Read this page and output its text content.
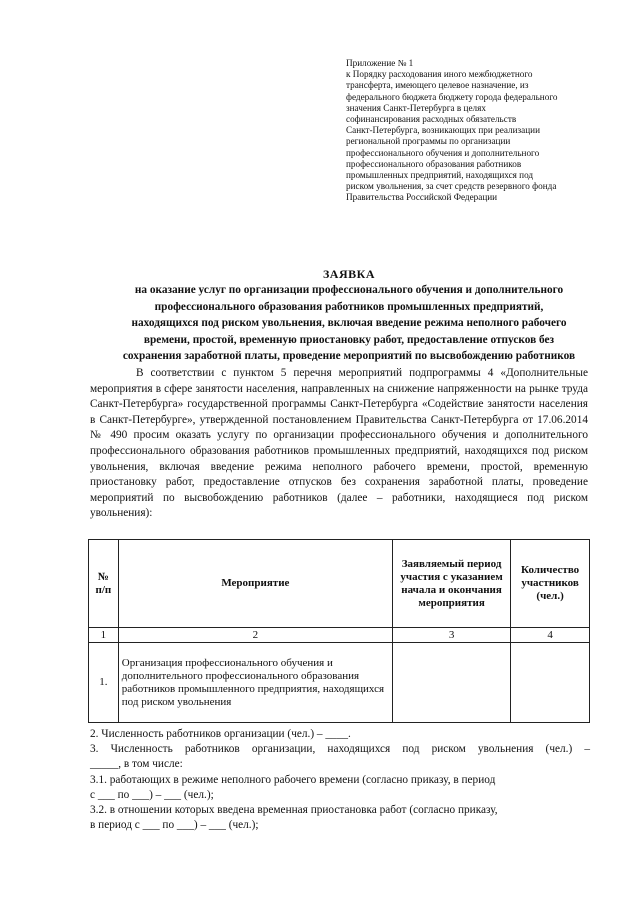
Приложение № 1
к Порядку расходования иного межбюджетного
трансферта, имеющего целевое назначение, из
федерального бюджета бюджету города федерального
значения Санкт-Петербурга в целях
софинансирования расходных обязательств
Санкт-Петербурга, возникающих при реализации
региональной программы по организации
профессионального обучения и дополнительного
профессионального образования работников
промышленных предприятий, находящихся под
риском увольнения, за счет средств резервного фонда
Правительства Российской Федерации
ЗАЯВКА
на оказание услуг по организации профессионального обучения и дополнительного
профессионального образования работников промышленных предприятий,
находящихся под риском увольнения, включая введение режима неполного рабочего
времени, простой, временную приостановку работ, предоставление отпусков без
сохранения заработной платы, проведение мероприятий по высвобождению работников

В соответствии с пунктом 5 перечня мероприятий подпрограммы 4 «Дополнительные мероприятия в сфере занятости населения, направленных на снижение напряженности на рынке труда Санкт-Петербурга» государственной программы Санкт-Петербурга «Содействие занятости населения в Санкт-Петербурге», утвержденной постановлением Правительства Санкт-Петербурга от 17.06.2014 № 490 просим оказать услугу по организации профессионального обучения и дополнительного профессионального образования работников промышленных предприятий, находящихся под риском увольнения, включая введение режима неполного рабочего времени, простой, временную приостановку работ, предоставление отпусков без сохранения заработной платы, проведение мероприятий по высвобождению работников (далее – работники, находящиеся под риском увольнения):

№ п/п	Мероприятие	Заявляемый период участия с указанием начала и окончания мероприятия	Количество участников (чел.)
1	2	3	4
1.	Организация профессионального обучения и дополнительного профессионального образования работников промышленного предприятия, находящихся под риском увольнения		
2. Численность работников организации (чел.) – ____.
3. Численность работников организации, находящихся под риском увольнения (чел.) –
_____, в том числе:
3.1. работающих в режиме неполного рабочего времени (согласно приказу, в период
с ___ по ___) – ___ (чел.);
3.2. в отношении которых введена временная приостановка работ (согласно приказу,
в период с ___ по ___) – ___ (чел.);
